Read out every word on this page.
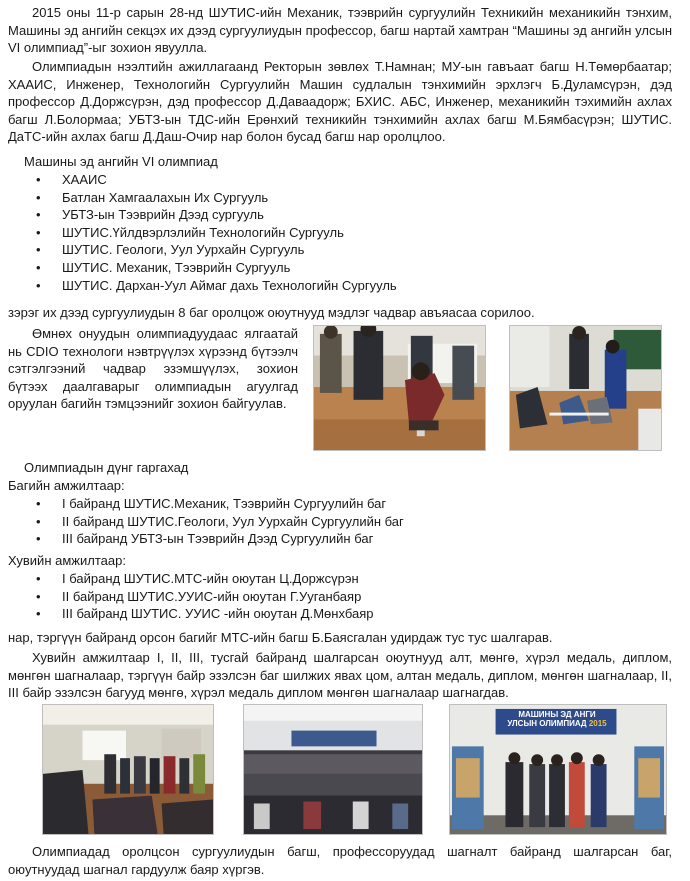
2015 оны 11-р сарын 28-нд ШУТИС-ийн Механик, тээврийн сургуулийн Техникийн механикийн тэнхим, Машины эд ангийн секцэх их дээд сургуулиудын профессор, багш нартай хамтран “Машины эд ангийн улсын VI олимпиад”-ыг зохион явуулла.

Олимпиадын нээлтийн ажиллагаанд Ректорын зөвлөх Т.Намнан; МУ-ын гавъаат багш Н.Төмөрбаатар; ХААИС, Инженер, Технологийн Сургуулийн Машин судлалын тэнхимийн эрхлэгч Б.Дуламсүрэн, дэд профессор Д.Доржсүрэн, дэд профессор Д.Даваадорж; БХИС. АБС, Инженер, механикийн тэхимийн ахлах багш Л.Болормаа; УБТЗ-ын ТДС-ийн Ерөнхий техникийн тэнхимийн ахлах багш М.Бямбасүрэн; ШУТИС. ДаТС-ийн ахлах багш Д.Даш-Очир нар болон бусад багш нар оролцлоо.

Машины эд ангийн VI олимпиад

• ХААИС
• Батлан Хамгаалахын Их Сургууль
• УБТЗ-ын Тээврийн Дээд сургууль
• ШУТИС.Үйлдвэрлэлийн Технологийн Сургууль
• ШУТИС. Геологи, Уул Уурхайн Сургууль
• ШУТИС. Механик, Тээврийн Сургууль
• ШУТИС. Дархан-Уул Аймаг дахь Технологийн Сургууль

зэрэг их дээд сургуулиудын 8 баг оролцож оюутнууд мэдлэг чадвар авъяасаа сорилоо.

Өмнөх онуудын олимпиадуудаас ялгаатай нь CDIO технологи нэвтрүүлэх хүрээнд бүтээлч сэтгэлгээний чадвар эзэмшүүлэх, зохион бүтээх даалгаварыг олимпиадын агуулгад оруулан багийн тэмцээнийг зохион байгуулав.

Олимпиадын дүнг гаргахад

Багийн амжилтаар:

• I байранд ШУТИС.Механик, Тээврийн Сургуулийн баг
• II байранд ШУТИС.Геологи, Уул Уурхайн Сургуулийн баг
• III байранд УБТЗ-ын Тээврийн Дээд Сургуулийн баг

Хувийн амжилтаар:

• I байранд ШУТИС.МТС-ийн оюутан Ц.Доржсүрэн
• II байранд ШУТИС.УУИС-ийн оюутан Г.Ууганбаяр
• III байранд ШУТИС. УУИС -ийн оюутан Д.Мөнхбаяр

нар, тэргүүн байранд орсон багийг МТС-ийн багш Б.Баясгалан удирдаж тус тус шалгарав.

Хувийн амжилтаар I, II, III, тусгай байранд шалгарсан оюутнууд алт, мөнгө, хүрэл медаль, диплом, мөнгөн шагналаар, тэргүүн байр эзэлсэн баг шилжих явах цом, алтан медаль, диплом, мөнгөн шагналаар, II, III байр эзэлсэн багууд мөнгө, хүрэл медаль диплом мөнгөн шагналаар шагнагдав.

МАШИНЫ ЭД АНГИ
УЛСЫН ОЛИМПИАД 2015

Олимпиадад оролцсон сургуулиудын багш, профессоруудад шагналт байранд шалгарсан баг, оюутнуудад шагнал гардуулж баяр хүргэв.
